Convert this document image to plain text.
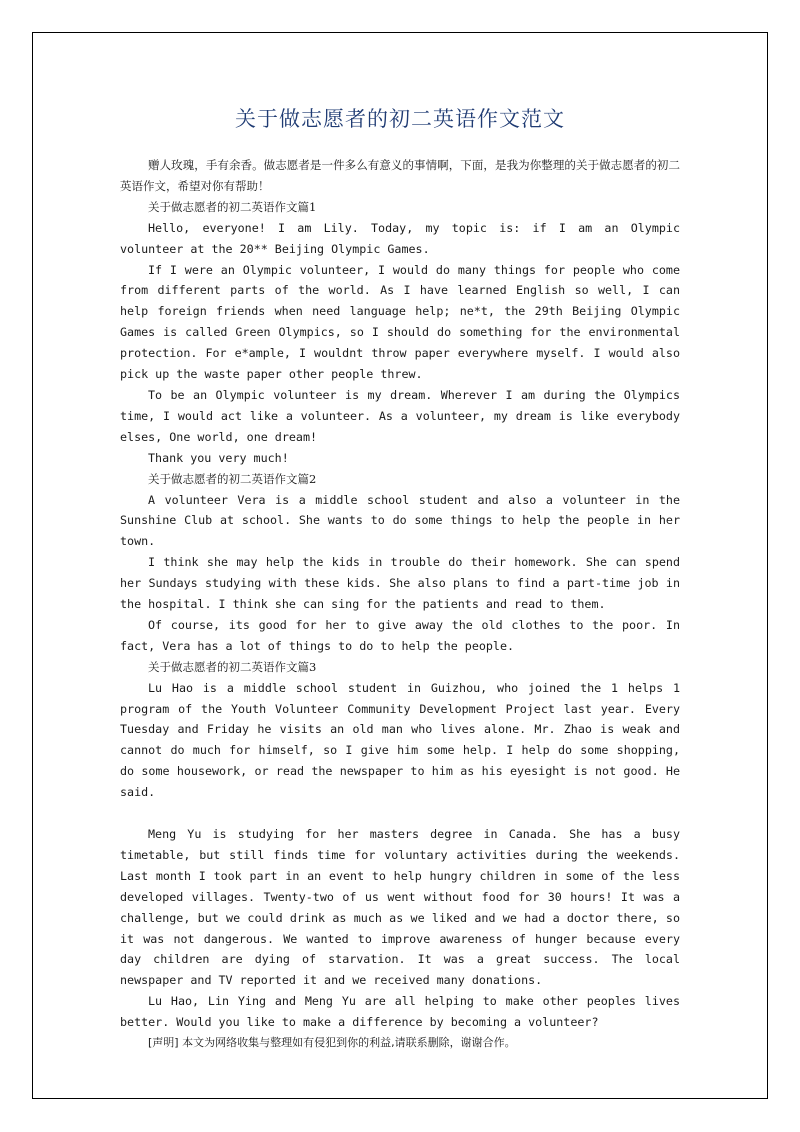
关于做志愿者的初二英语作文范文

赠人玫瑰，手有余香。做志愿者是一件多么有意义的事情啊，下面，是我为你整理的关于做志愿者的初二英语作文，希望对你有帮助！

关于做志愿者的初二英语作文篇1

Hello, everyone! I am Lily. Today, my topic is: if I am an Olympic volunteer at the 20** Beijing Olympic Games.

If I were an Olympic volunteer, I would do many things for people who come from different parts of the world. As I have learned English so well, I can help foreign friends when need language help; ne*t, the 29th Beijing Olympic Games is called Green Olympics, so I should do something for the environmental protection. For e*ample, I wouldnt throw paper everywhere myself. I would also pick up the waste paper other people threw.

To be an Olympic volunteer is my dream. Wherever I am during the Olympics time, I would act like a volunteer. As a volunteer, my dream is like everybody elses, One world, one dream!

Thank you very much!

关于做志愿者的初二英语作文篇2

A volunteer Vera is a middle school student and also a volunteer in the Sunshine Club at school. She wants to do some things to help the people in her town.

I think she may help the kids in trouble do their homework. She can spend her Sundays studying with these kids. She also plans to find a part-time job in the hospital. I think she can sing for the patients and read to them.

Of course, its good for her to give away the old clothes to the poor. In fact, Vera has a lot of things to do to help the people.

关于做志愿者的初二英语作文篇3

Lu Hao is a middle school student in Guizhou, who joined the 1 helps 1 program of the Youth Volunteer Community Development Project last year. Every Tuesday and Friday he visits an old man who lives alone. Mr. Zhao is weak and cannot do much for himself, so I give him some help. I help do some shopping, do some housework, or read the newspaper to him as his eyesight is not good. He said.

Meng Yu is studying for her masters degree in Canada. She has a busy timetable, but still finds time for voluntary activities during the weekends. Last month I took part in an event to help hungry children in some of the less developed villages. Twenty-two of us went without food for 30 hours! It was a challenge, but we could drink as much as we liked and we had a doctor there, so it was not dangerous. We wanted to improve awareness of hunger because every day children are dying of starvation. It was a great success. The local newspaper and TV reported it and we received many donations.

Lu Hao, Lin Ying and Meng Yu are all helping to make other peoples lives better. Would you like to make a difference by becoming a volunteer?

[声明] 本文为网络收集与整理如有侵犯到你的利益,请联系删除，谢谢合作。
